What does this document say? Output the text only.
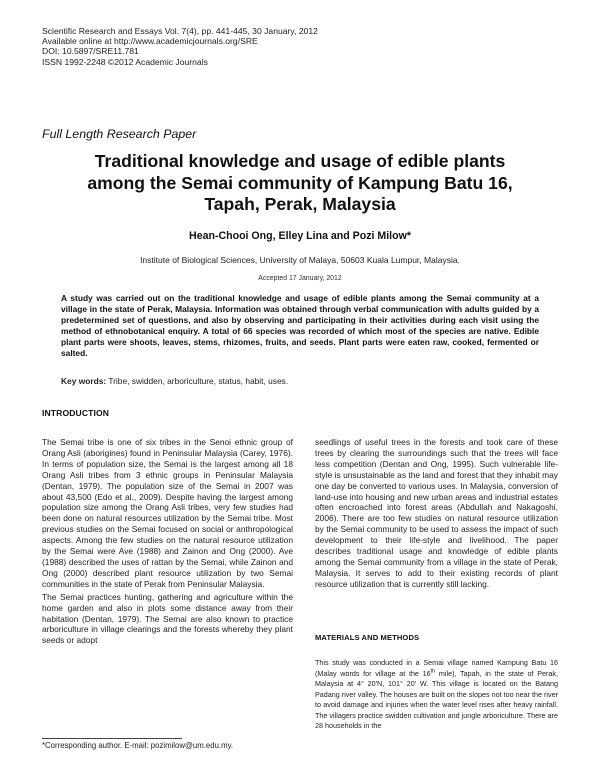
Scientific Research and Essays Vol. 7(4), pp. 441-445, 30 January, 2012
Available online at http://www.academicjournals.org/SRE
DOI: 10.5897/SRE11.781
ISSN 1992-2248 ©2012 Academic Journals
Full Length Research Paper
Traditional knowledge and usage of edible plants
among the Semai community of Kampung Batu 16,
Tapah, Perak, Malaysia
Hean-Chooi Ong, Elley Lina and Pozi Milow*
Institute of Biological Sciences, University of Malaya, 50603 Kuala Lumpur, Malaysia.
Accepted 17 January, 2012
A study was carried out on the traditional knowledge and usage of edible plants among the Semai community at a village in the state of Perak, Malaysia. Information was obtained through verbal communication with adults guided by a predetermined set of questions, and also by observing and participating in their activities during each visit using the method of ethnobotanical enquiry. A total of 66 species was recorded of which most of the species are native. Edible plant parts were shoots, leaves, stems, rhizomes, fruits, and seeds. Plant parts were eaten raw, cooked, fermented or salted.
Key words: Tribe, swidden, arboriculture, status, habit, uses.
INTRODUCTION

The Semai tribe is one of six tribes in the Senoi ethnic group of Orang Asli (aborigines) found in Peninsular Malaysia (Carey, 1976). In terms of population size, the Semai is the largest among all 18 Orang Asli tribes from 3 ethnic groups in Peninsular Malaysia (Dentan, 1979). The population size of the Semai in 2007 was about 43,500 (Edo et al., 2009). Despite having the largest among population size among the Orang Asli tribes, very few studies had been done on natural resources utilization by the Semai tribe. Most previous studies on the Semai focused on social or anthropological aspects. Among the few studies on the natural resource utilization by the Semai were Ave (1988) and Zainon and Ong (2000). Ave (1988) described the uses of rattan by the Semai, while Zainon and Ong (2000) described plant resource utilization by two Semai communities in the state of Perak from Peninsular Malaysia.

The Semai practices hunting, gathering and agriculture within the home garden and also in plots some distance away from their habitation (Dentan, 1979). The Semai are also known to practice arboriculture in village clearings and the forests whereby they plant seeds or adopt

seedlings of useful trees in the forests and took care of these trees by clearing the surroundings such that the trees will face less competition (Dentan and Ong, 1995). Such vulnerable life-style is unsustainable as the land and forest that they inhabit may one day be converted to various uses. In Malaysia, conversion of land-use into housing and new urban areas and industrial estates often encroached into forest areas (Abdullah and Nakagoshi, 2006). There are too few studies on natural resource utilization by the Semai community to be used to assess the impact of such development to their life-style and livelihood. The paper describes traditional usage and knowledge of edible plants among the Semai community from a village in the state of Perak, Malaysia. It serves to add to their existing records of plant resource utilization that is currently still lacking.

MATERIALS AND METHODS
This study was conducted in a Semai village named Kampung Batu 16 (Malay words for village at the 16th mile), Tapah, in the state of Perak, Malaysia at 4° 20'N, 101° 20' W. This village is located on the Batang Padang river valley. The houses are built on the slopes not too near the river to avoid damage and injuries when the water level rises after heavy rainfall. The villagers practice swidden cultivation and jungle arboriculture. There are 28 households in the
*Corresponding author. E-mail: pozimilow@um.edu.my.
